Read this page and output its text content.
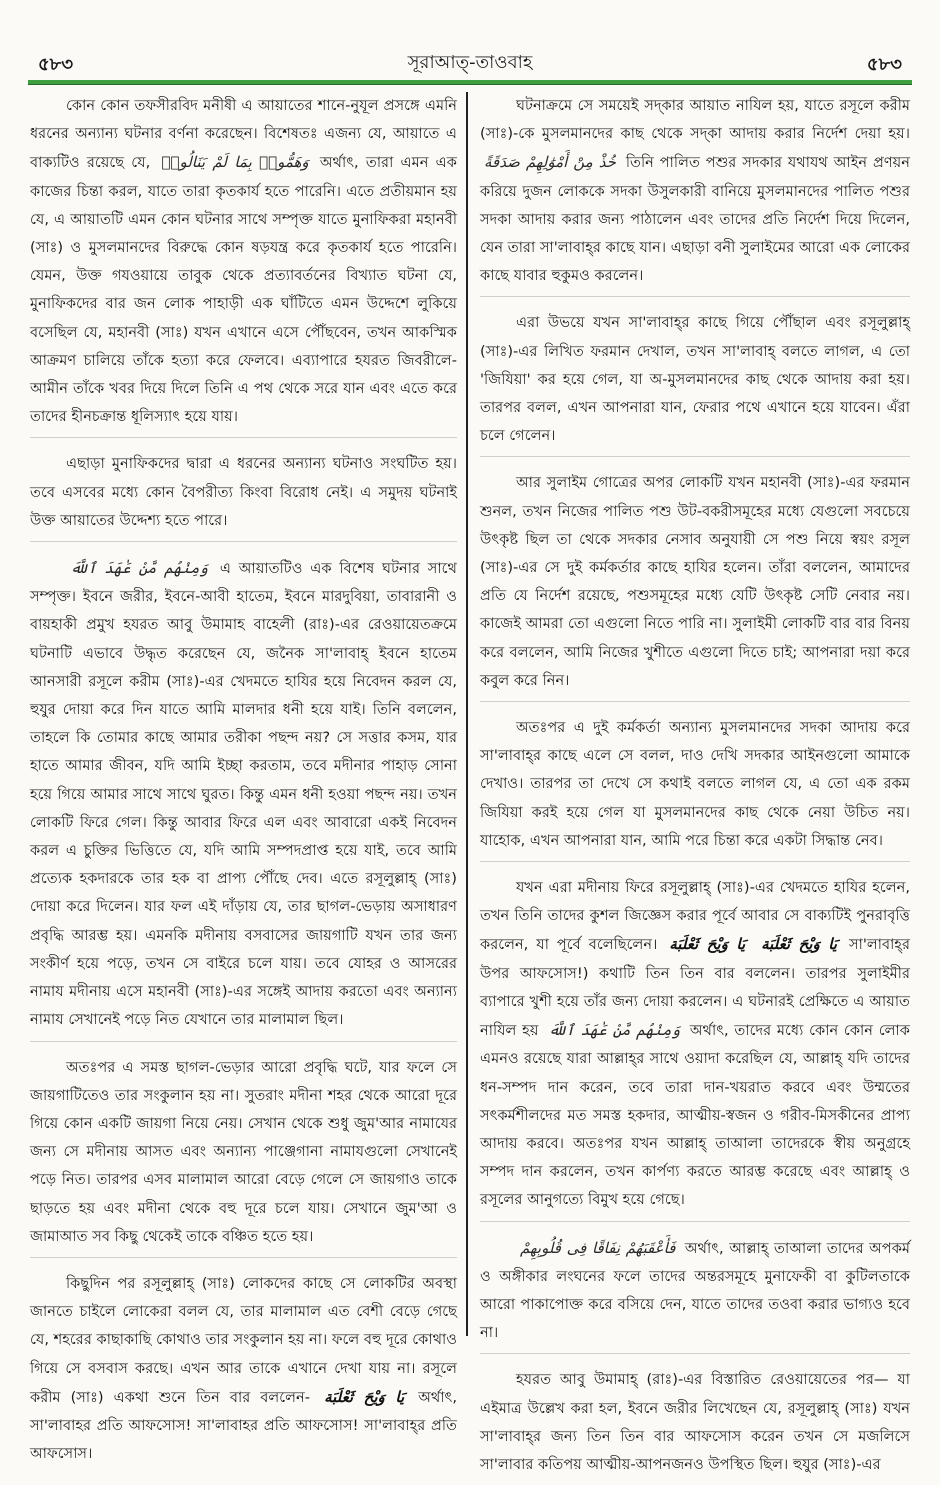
৫৮৩	সূরাআত্‌-তাওবাহ	৫৮৩

কোন কোন তফসীরবিদ মনীষী এ আয়াতের শানে-নুযূল প্রসঙ্গে এমনি ধরনের অন্যান্য ঘটনার বর্ণনা করেছেন। বিশেষতঃ এজন্য যে, আয়াতে এ বাক্যটিও রয়েছে যে, وَهَمُّوا۟ بِمَا لَمْ يَنَالُوا۟ অর্থাৎ, তারা এমন এক কাজের চিন্তা করল, যাতে তারা কৃতকার্য হতে পারেনি। এতে প্রতীয়মান হয় যে, এ আয়াতটি এমন কোন ঘটনার সাথে সম্পৃক্ত যাতে মুনাফিকরা মহানবী (সাঃ) ও মুসলমানদের বিরুদ্ধে কোন ষড়যন্ত্র করে কৃতকার্য হতে পারেনি। যেমন, উক্ত গযওয়ায়ে তাবুক থেকে প্রত্যাবর্তনের বিখ্যাত ঘটনা যে, মুনাফিকদের বার জন লোক পাহাড়ী এক ঘাঁটিতে এমন উদ্দেশে লুকিয়ে বসেছিল যে, মহানবী (সাঃ) যখন এখানে এসে পৌঁছবেন, তখন আকস্মিক আক্রমণ চালিয়ে তাঁকে হত্যা করে ফেলবে। এব্যাপারে হযরত জিবরীলে-আমীন তাঁকে খবর দিয়ে দিলে তিনি এ পথ থেকে সরে যান এবং এতে করে তাদের হীনচক্রান্ত ধূলিস্যাৎ হয়ে যায়।

এছাড়া মুনাফিকদের দ্বারা এ ধরনের অন্যান্য ঘটনাও সংঘটিত হয়। তবে এসবের মধ্যে কোন বৈপরীত্য কিংবা বিরোধ নেই। এ সমুদয় ঘটনাই উক্ত আয়াতের উদ্দেশ্য হতে পারে।

وَمِنْهُم مَّنْ عَٰهَدَ ٱللَّهَ এ আয়াতটিও এক বিশেষ ঘটনার সাথে সম্পৃক্ত। ইবনে জরীর, ইবনে-আবী হাতেম, ইবনে মারদুবিয়া, তাবারানী ও বায়হাকী প্রমুখ হযরত আবু উমামাহ বাহেলী (রাঃ)-এর রেওয়ায়েতক্রমে ঘটনাটি এভাবে উদ্ধৃত করেছেন যে, জনৈক সা'লাবাহ্ ইবনে হাতেম আনসারী রসূলে করীম (সাঃ)-এর খেদমতে হাযির হয়ে নিবেদন করল যে, হুযুর দোয়া করে দিন যাতে আমি মালদার ধনী হয়ে যাই। তিনি বললেন, তাহলে কি তোমার কাছে আমার তরীকা পছন্দ নয়? সে সত্তার কসম, যার হাতে আমার জীবন, যদি আমি ইচ্ছা করতাম, তবে মদীনার পাহাড় সোনা হয়ে গিয়ে আমার সাথে সাথে ঘুরত। কিন্তু এমন ধনী হওয়া পছন্দ নয়। তখন লোকটি ফিরে গেল। কিন্তু আবার ফিরে এল এবং আবারো একই নিবেদন করল এ চুক্তির ভিত্তিতে যে, যদি আমি সম্পদপ্রাপ্ত হয়ে যাই, তবে আমি প্রত্যেক হকদারকে তার হক বা প্রাপ্য পৌঁছে দেব। এতে রসূলুল্লাহ্ (সাঃ) দোয়া করে দিলেন। যার ফল এই দাঁড়ায় যে, তার ছাগল-ভেড়ায় অসাধারণ প্রবৃদ্ধি আরম্ভ হয়। এমনকি মদীনায় বসবাসের জায়গাটি যখন তার জন্য সংকীর্ণ হয়ে পড়ে, তখন সে বাইরে চলে যায়। তবে যোহর ও আসরের নামায মদীনায় এসে মহানবী (সাঃ)-এর সঙ্গেই আদায় করতো এবং অন্যান্য নামায সেখানেই পড়ে নিত যেখানে তার মালামাল ছিল।

অতঃপর এ সমস্ত ছাগল-ভেড়ার আরো প্রবৃদ্ধি ঘটে, যার ফলে সে জায়গাটিতেও তার সংকুলান হয় না। সুতরাং মদীনা শহর থেকে আরো দূরে গিয়ে কোন একটি জায়গা নিয়ে নেয়। সেখান থেকে শুধু জুম'আর নামাযের জন্য সে মদীনায় আসত এবং অন্যান্য পাঞ্জেগানা নামাযগুলো সেখানেই পড়ে নিত। তারপর এসব মালামাল আরো বেড়ে গেলে সে জায়গাও তাকে ছাড়তে হয় এবং মদীনা থেকে বহু দূরে চলে যায়। সেখানে জুম'আ ও জামাআত সব কিছু থেকেই তাকে বঞ্চিত হতে হয়।

কিছুদিন পর রসূলুল্লাহ্ (সাঃ) লোকদের কাছে সে লোকটির অবস্থা জানতে চাইলে লোকেরা বলল যে, তার মালামাল এত বেশী বেড়ে গেছে যে, শহরের কাছাকাছি কোথাও তার সংকুলান হয় না। ফলে বহু দূরে কোথাও গিয়ে সে বসবাস করছে। এখন আর তাকে এখানে দেখা যায় না। রসূলে করীম (সাঃ) একথা শুনে তিন বার বললেন- يَا وَيْحَ ثَعْلَبَة অর্থাৎ, সা'লাবাহর প্রতি আফসোস! সা'লাবাহর প্রতি আফসোস! সা'লাবাহ্‌র প্রতি আফসোস।

ঘটনাক্রমে সে সময়েই সদ্‌কার আয়াত নাযিল হয়, যাতে রসূলে করীম (সাঃ)-কে মুসলমানদের কাছ থেকে সদ্‌কা আদায় করার নির্দেশ দেয়া হয়। خُذْ مِنْ أَمْوَٰلِهِمْ صَدَقَةً তিনি পালিত পশুর সদকার যথাযথ আইন প্রণয়ন করিয়ে দুজন লোককে সদকা উসুলকারী বানিয়ে মুসলমানদের পালিত পশুর সদকা আদায় করার জন্য পাঠালেন এবং তাদের প্রতি নির্দেশ দিয়ে দিলেন, যেন তারা সা'লাবাহ্‌র কাছে যান। এছাড়া বনী সুলাইমের আরো এক লোকের কাছে যাবার হুকুমও করলেন।

এরা উভয়ে যখন সা'লাবাহ্‌র কাছে গিয়ে পৌঁছাল এবং রসূলুল্লাহ্ (সাঃ)-এর লিখিত ফরমান দেখাল, তখন সা'লাবাহ্ বলতে লাগল, এ তো 'জিযিয়া' কর হয়ে গেল, যা অ-মুসলমানদের কাছ থেকে আদায় করা হয়। তারপর বলল, এখন আপনারা যান, ফেরার পথে এখানে হয়ে যাবেন। এঁরা চলে গেলেন।

আর সুলাইম গোত্রের অপর লোকটি যখন মহানবী (সাঃ)-এর ফরমান শুনল, তখন নিজের পালিত পশু উট-বকরীসমূহের মধ্যে যেগুলো সবচেয়ে উৎকৃষ্ট ছিল তা থেকে সদকার নেসাব অনুযায়ী সে পশু নিয়ে স্বয়ং রসূল (সাঃ)-এর সে দুই কর্মকর্তার কাছে হাযির হলেন। তাঁরা বললেন, আমাদের প্রতি যে নির্দেশ রয়েছে, পশুসমূহের মধ্যে যেটি উৎকৃষ্ট সেটি নেবার নয়। কাজেই আমরা তো এগুলো নিতে পারি না। সুলাইমী লোকটি বার বার বিনয় করে বললেন, আমি নিজের খুশীতে এগুলো দিতে চাই; আপনারা দয়া করে কবুল করে নিন।

অতঃপর এ দুই কর্মকর্তা অন্যান্য মুসলমানদের সদকা আদায় করে সা'লাবাহ্‌র কাছে এলে সে বলল, দাও দেখি সদকার আইনগুলো আমাকে দেখাও। তারপর তা দেখে সে কথাই বলতে লাগল যে, এ তো এক রকম জিযিয়া করই হয়ে গেল যা মুসলমানদের কাছ থেকে নেয়া উচিত নয়। যাহোক, এখন আপনারা যান, আমি পরে চিন্তা করে একটা সিদ্ধান্ত নেব।

যখন এরা মদীনায় ফিরে রসূলুল্লাহ্ (সাঃ)-এর খেদমতে হাযির হলেন, তখন তিনি তাদের কুশল জিজ্ঞেস করার পূর্বে আবার সে বাক্যটিই পুনরাবৃত্তি করলেন, যা পূর্বে বলেছিলেন। يَا وَيْحَ ثَعْلَبَة يَا وَيْحَ ثَعْلَبَة সা'লাবাহ্‌র উপর আফসোস!) কথাটি তিন তিন বার বললেন। তারপর সুলাইমীর ব্যাপারে খুশী হয়ে তাঁর জন্য দোয়া করলেন। এ ঘটনারই প্রেক্ষিতে এ আয়াত নাযিল হয় وَمِنْهُم مَّنْ عَٰهَدَ ٱللَّهَ অর্থাৎ, তাদের মধ্যে কোন কোন লোক এমনও রয়েছে যারা আল্লাহ্‌র সাথে ওয়াদা করেছিল যে, আল্লাহ্ যদি তাদের ধন-সম্পদ দান করেন, তবে তারা দান-খয়রাত করবে এবং উম্মতের সৎকর্মশীলদের মত সমস্ত হকদার, আত্মীয়-স্বজন ও গরীব-মিসকীনের প্রাপ্য আদায় করবে। অতঃপর যখন আল্লাহ্ তাআলা তাদেরকে স্বীয় অনুগ্রহে সম্পদ দান করলেন, তখন কার্পণ্য করতে আরম্ভ করেছে এবং আল্লাহ্ ও রসূলের আনুগত্যে বিমুখ হয়ে গেছে।

فَأَعْقَبَهُمْ نِفَاقًا فِى قُلُوبِهِمْ অর্থাৎ, আল্লাহ্ তাআলা তাদের অপকর্ম ও অঙ্গীকার লংঘনের ফলে তাদের অন্তরসমূহে মুনাফেকী বা কুটিলতাকে আরো পাকাপোক্ত করে বসিয়ে দেন, যাতে তাদের তওবা করার ভাগ্যও হবে না।

হযরত আবু উমামাহ্ (রাঃ)-এর বিস্তারিত রেওয়ায়েতের পর— যা এইমাত্র উল্লেখ করা হল, ইবনে জরীর লিখেছেন যে, রসূলুল্লাহ্ (সাঃ) যখন সা'লাবাহ্‌র জন্য তিন তিন বার আফসোস করেন তখন সে মজলিসে সা'লাবার কতিপয় আত্মীয়-আপনজনও উপস্থিত ছিল। হুযুর (সাঃ)-এর
